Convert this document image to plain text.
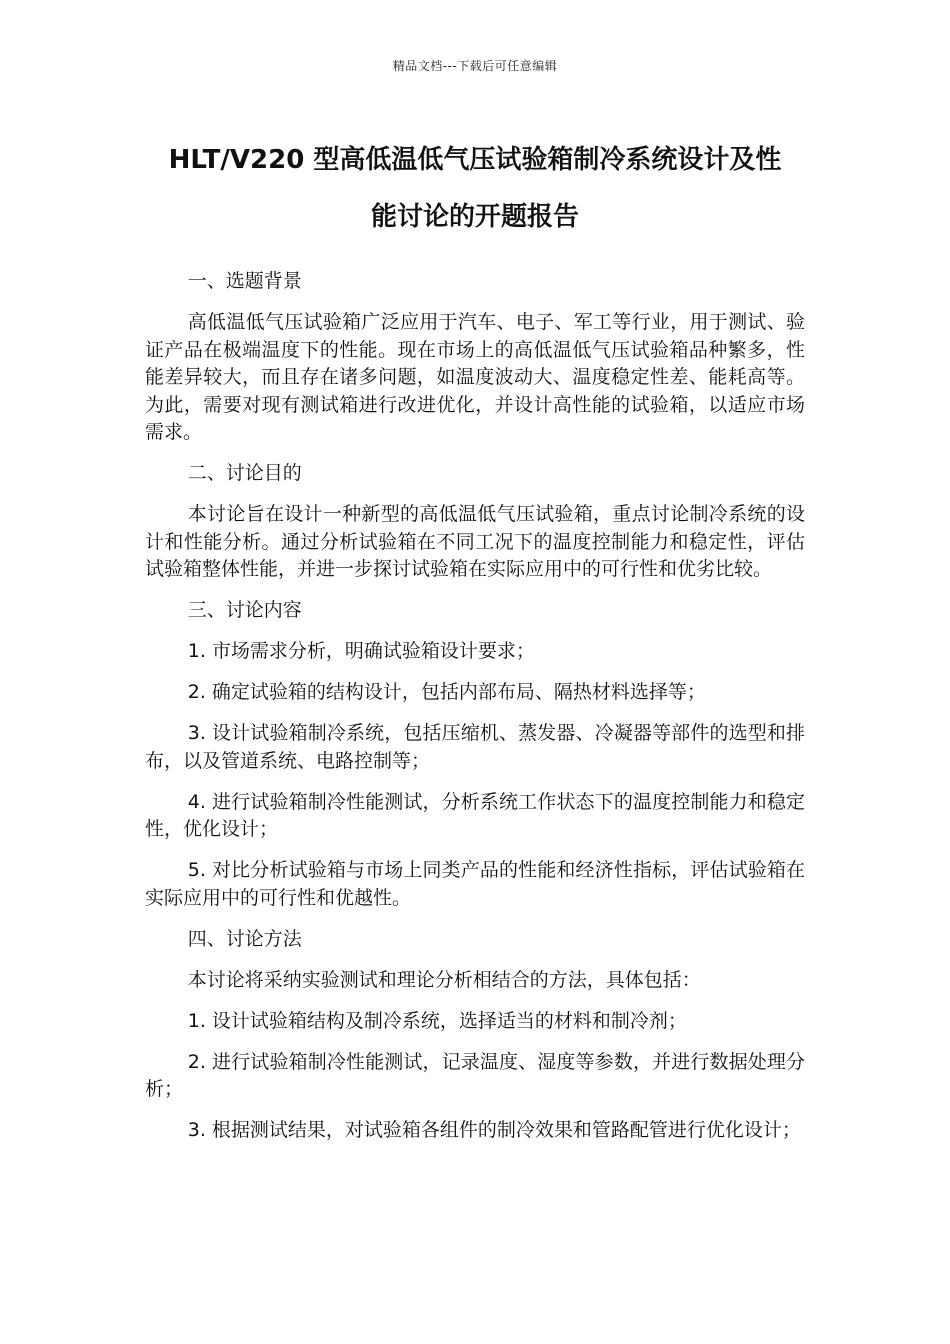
精品文档---下载后可任意编辑
HLT/V220 型高低温低气压试验箱制冷系统设计及性
能讨论的开题报告

一、选题背景

高低温低气压试验箱广泛应用于汽车、电子、军工等行业，用于测试、验证产品在极端温度下的性能。现在市场上的高低温低气压试验箱品种繁多，性能差异较大，而且存在诸多问题，如温度波动大、温度稳定性差、能耗高等。为此，需要对现有测试箱进行改进优化，并设计高性能的试验箱，以适应市场需求。

二、讨论目的

本讨论旨在设计一种新型的高低温低气压试验箱，重点讨论制冷系统的设计和性能分析。通过分析试验箱在不同工况下的温度控制能力和稳定性，评估试验箱整体性能，并进一步探讨试验箱在实际应用中的可行性和优劣比较。

三、讨论内容

1. 市场需求分析，明确试验箱设计要求；

2. 确定试验箱的结构设计，包括内部布局、隔热材料选择等；

3. 设计试验箱制冷系统，包括压缩机、蒸发器、冷凝器等部件的选型和排布，以及管道系统、电路控制等；

4. 进行试验箱制冷性能测试，分析系统工作状态下的温度控制能力和稳定性，优化设计；

5. 对比分析试验箱与市场上同类产品的性能和经济性指标，评估试验箱在实际应用中的可行性和优越性。

四、讨论方法

本讨论将采纳实验测试和理论分析相结合的方法，具体包括：

1. 设计试验箱结构及制冷系统，选择适当的材料和制冷剂；

2. 进行试验箱制冷性能测试，记录温度、湿度等参数，并进行数据处理分析；

3. 根据测试结果，对试验箱各组件的制冷效果和管路配管进行优化设计；
